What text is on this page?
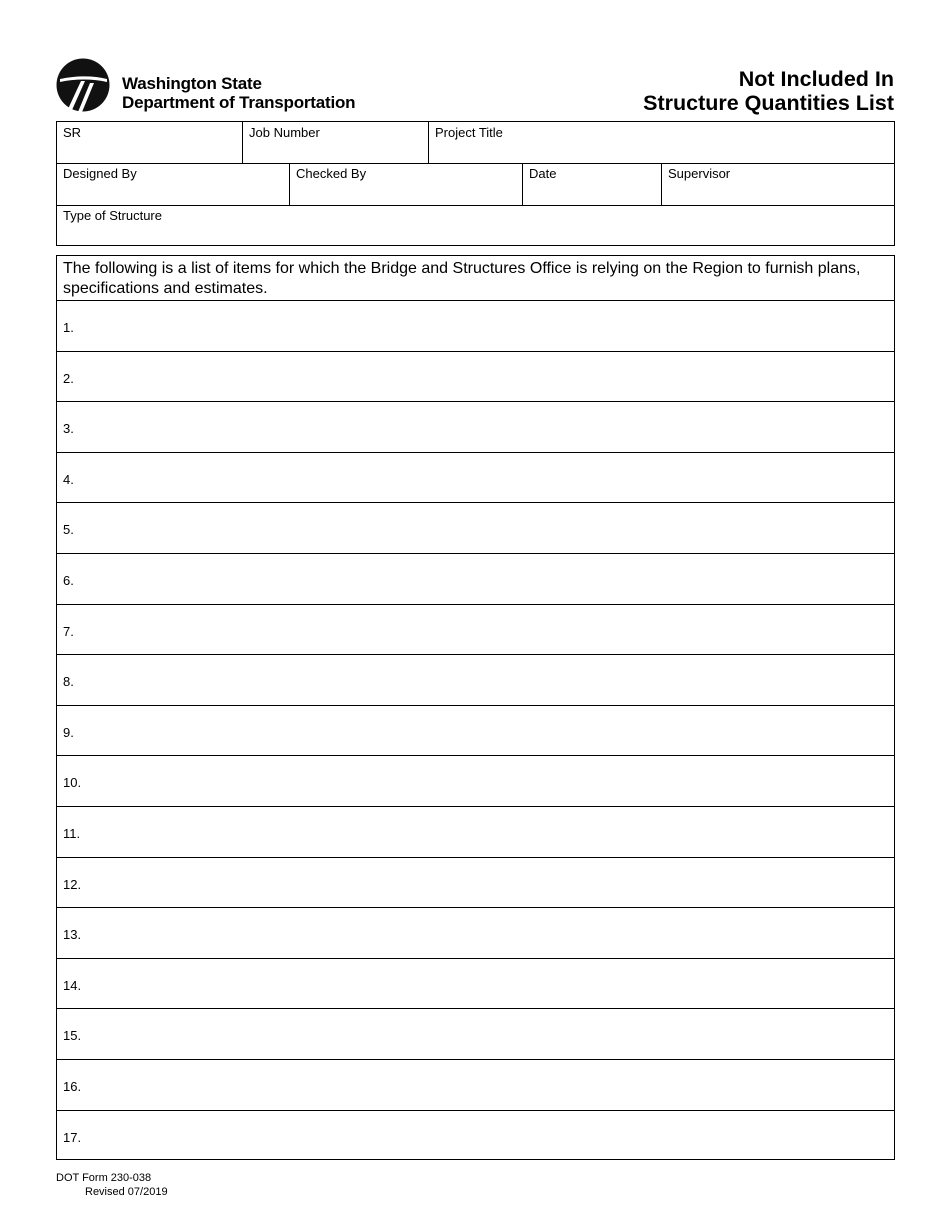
Washington State
Department of Transportation
Not Included In
Structure Quantities List
SR	Job Number	Project Title
Designed By	Checked By	Date	Supervisor
Type of Structure
The following is a list of items for which the Bridge and Structures Office is relying on the Region to furnish plans, specifications and estimates.
1.
2.
3.
4.
5.
6.
7.
8.
9.
10.
11.
12.
13.
14.
15.
16.
17.
DOT Form 230-038
Revised 07/2019
